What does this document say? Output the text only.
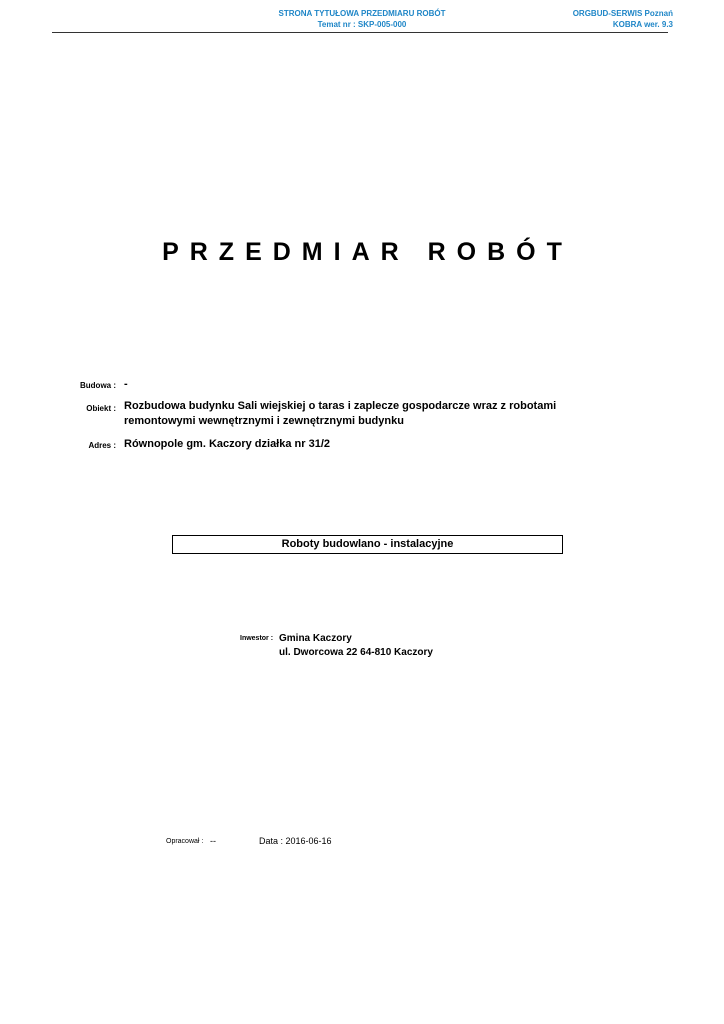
STRONA TYTUŁOWA PRZEDMIARU ROBÓT
Temat nr : SKP-005-000
ORGBUD-SERWIS Poznań
KOBRA wer. 9.3
PRZEDMIAR ROBÓT
Budowa : -
Obiekt : Rozbudowa budynku Sali wiejskiej o taras i zaplecze gospodarcze wraz z robotami remontowymi wewnętrznymi i zewnętrznymi budynku
Adres : Równopole gm. Kaczory działka nr 31/2
Roboty budowlano - instalacyjne
Inwestor : Gmina Kaczory
ul. Dworcowa 22 64-810 Kaczory
Opracował : --	Data : 2016-06-16
